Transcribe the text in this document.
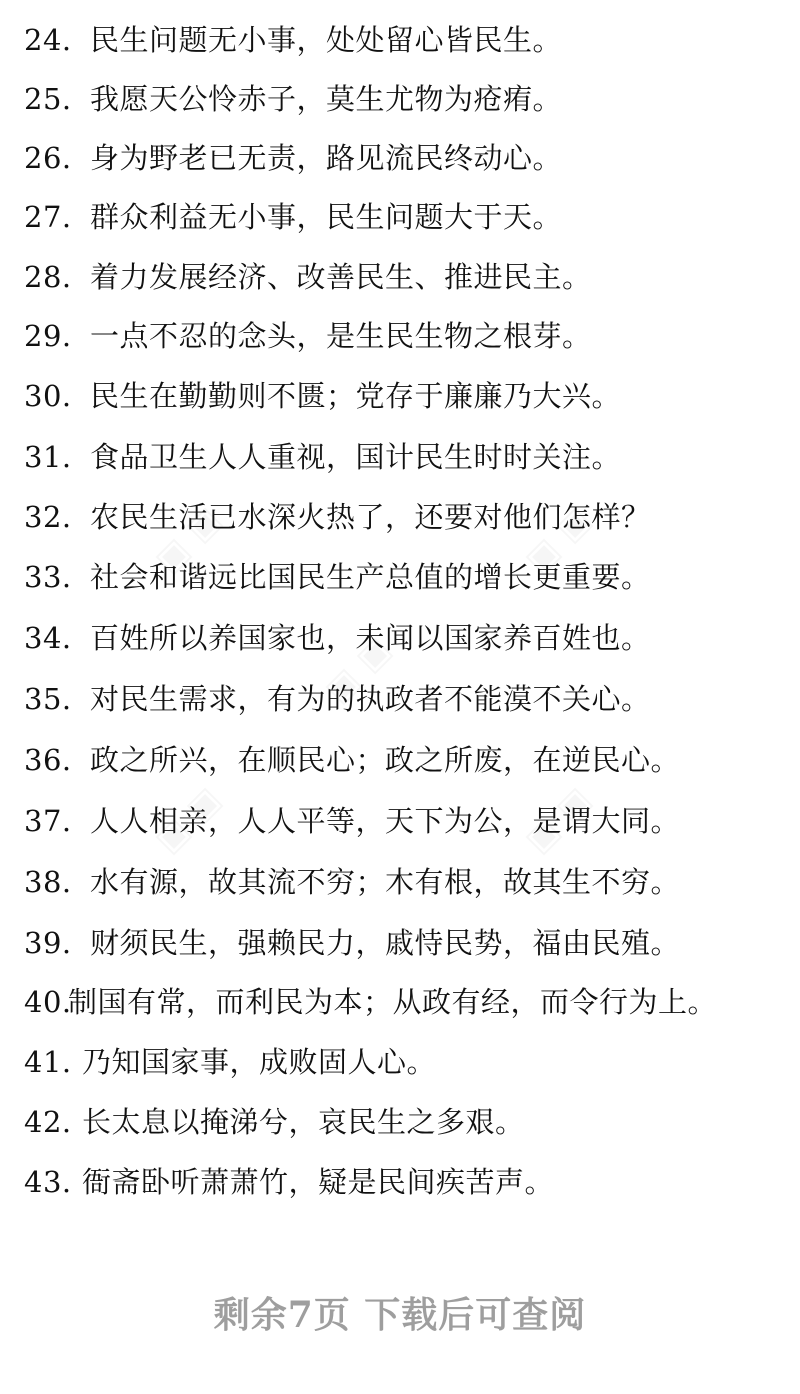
24. 民生问题无小事，处处留心皆民生。
25. 我愿天公怜赤子，莫生尤物为疮痏。
26. 身为野老已无责，路见流民终动心。
27. 群众利益无小事，民生问题大于天。
28. 着力发展经济、改善民生、推进民主。
29. 一点不忍的念头，是生民生物之根芽。
30. 民生在勤勤则不匮；党存于廉廉乃大兴。
31. 食品卫生人人重视，国计民生时时关注。
32. 农民生活已水深火热了，还要对他们怎样？
33. 社会和谐远比国民生产总值的增长更重要。
34. 百姓所以养国家也，未闻以国家养百姓也。
35. 对民生需求，有为的执政者不能漠不关心。
36. 政之所兴，在顺民心；政之所废，在逆民心。
37. 人人相亲，人人平等，天下为公，是谓大同。
38. 水有源，故其流不穷；木有根，故其生不穷。
39. 财须民生，强赖民力，戚恃民势，福由民殖。
40.制国有常，而利民为本；从政有经，而令行为上。
41. 乃知国家事，成败固人心。
42. 长太息以掩涕兮，哀民生之多艰。
43. 衙斋卧听萧萧竹，疑是民间疾苦声。
剩余7页 下载后可查阅
